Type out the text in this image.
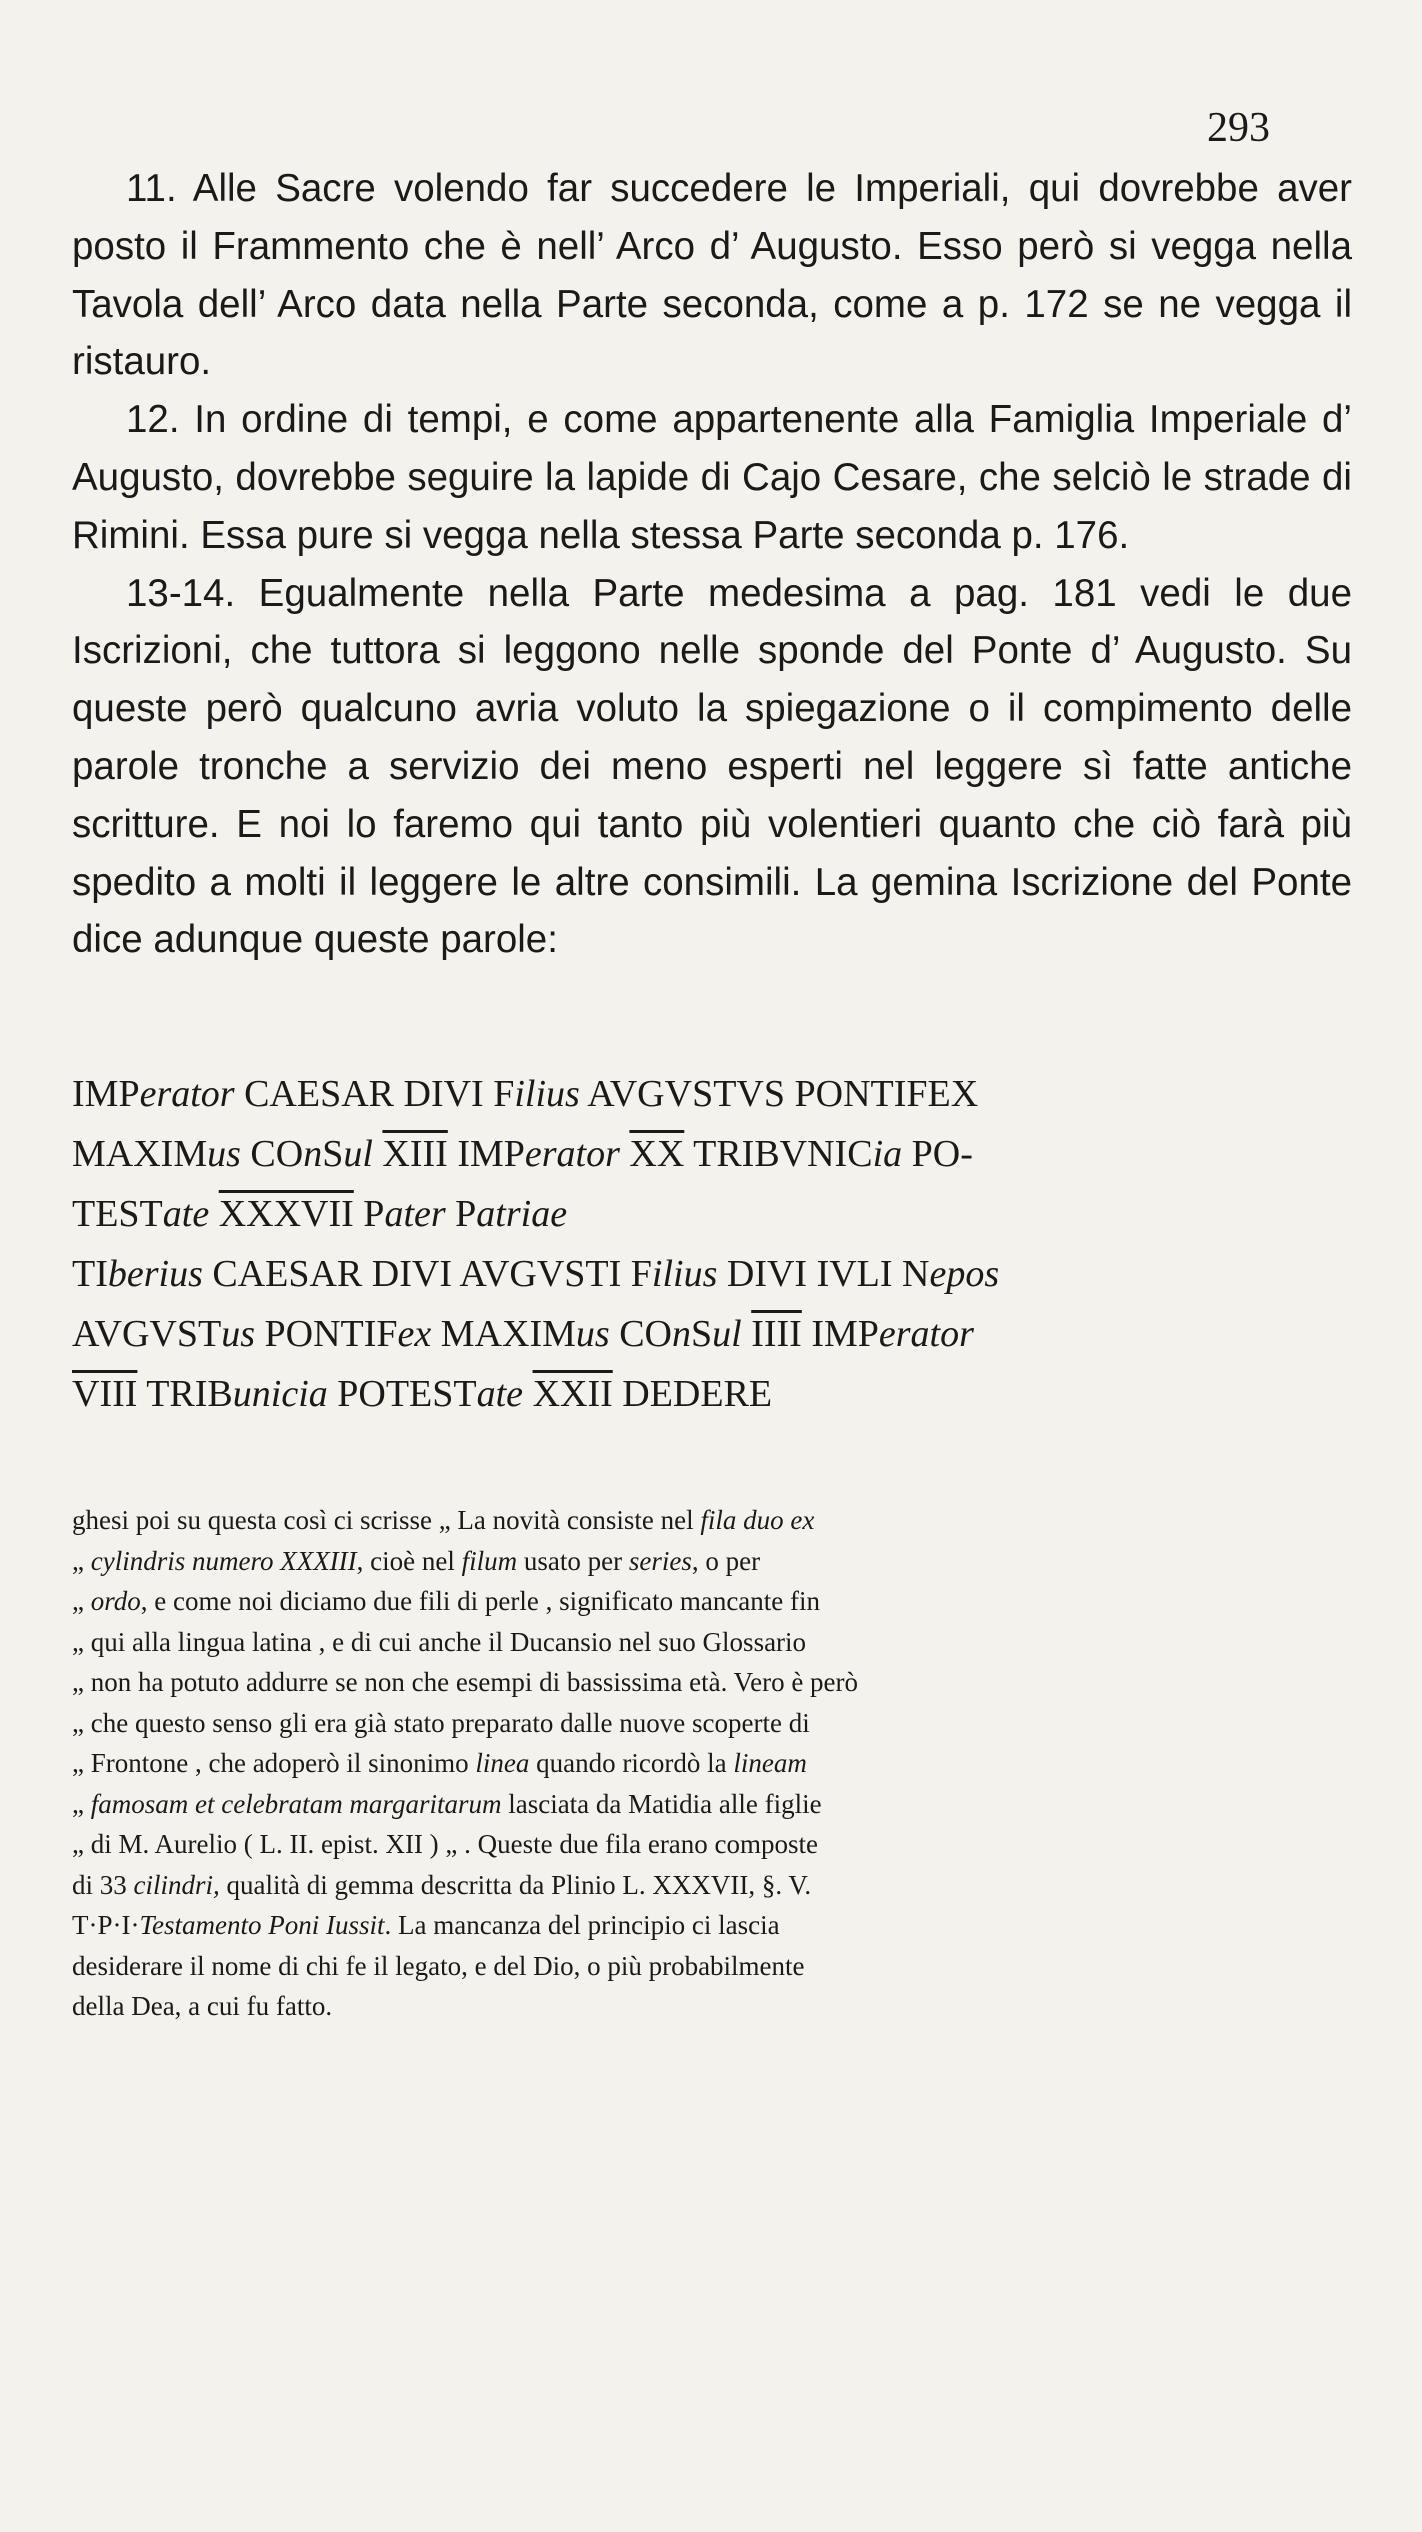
293

11. Alle Sacre volendo far succedere le Imperiali, qui dovrebbe aver posto il Frammento che è nell’ Arco d’ Augusto. Esso però si vegga nella Tavola dell’ Arco data nella Parte seconda, come a p. 172 se ne vegga il ristauro.

12. In ordine di tempi, e come appartenente alla Famiglia Imperiale d’ Augusto, dovrebbe seguire la lapide di Cajo Cesare, che selciò le strade di Rimini. Essa pure si vegga nella stessa Parte seconda p. 176.

13-14. Egualmente nella Parte medesima a pag. 181 vedi le due Iscrizioni, che tuttora si leggono nelle sponde del Ponte d’ Augusto. Su queste però qualcuno avria voluto la spiegazione o il compimento delle parole tronche a servizio dei meno esperti nel leggere sì fatte antiche scritture. E noi lo faremo qui tanto più volentieri quanto che ciò farà più spedito a molti il leggere le altre consimili. La gemina Iscrizione del Ponte dice adunque queste parole:

IMPerator CAESAR DIVI Filius AVGVSTVS PONTIFEX
MAXIMus COnSul XIII IMPerator $\overline{XX}$ TRIBVNICia PO-
TESTate XXXVII Pater Patriae
TIberius CAESAR DIVI AVGVSTI Filius DIVI IVLI Nepos
AVGVSTus PONTIFex MAXIMus COnSul IIII IMPerator
VIII TRIBunicia POTESTate XXII DEDERE

ghesi poi su questa così ci scrisse „ La novità consiste nel fila duo ex

„ cylindris numero XXXIII, cioè nel filum usato per series, o per

„ ordo, e come noi diciamo due fili di perle , significato mancante fin

„ qui alla lingua latina , e di cui anche il Ducansio nel suo Glossario

„ non ha potuto addurre se non che esempi di bassissima età. Vero è però

„ che questo senso gli era già stato preparato dalle nuove scoperte di

„ Frontone , che adoperò il sinonimo linea quando ricordò la lineam

„ famosam et celebratam margaritarum lasciata da Matidia alle figlie

„ di M. Aurelio ( L. II. epist. XII ) „ . Queste due fila erano composte

di 33 cilindri, qualità di gemma descritta da Plinio L. XXXVII, §. V.

T·P·I·Testamento Poni Iussit. La mancanza del principio ci lascia

desiderare il nome di chi fe il legato, e del Dio, o più probabilmente

della Dea, a cui fu fatto.
